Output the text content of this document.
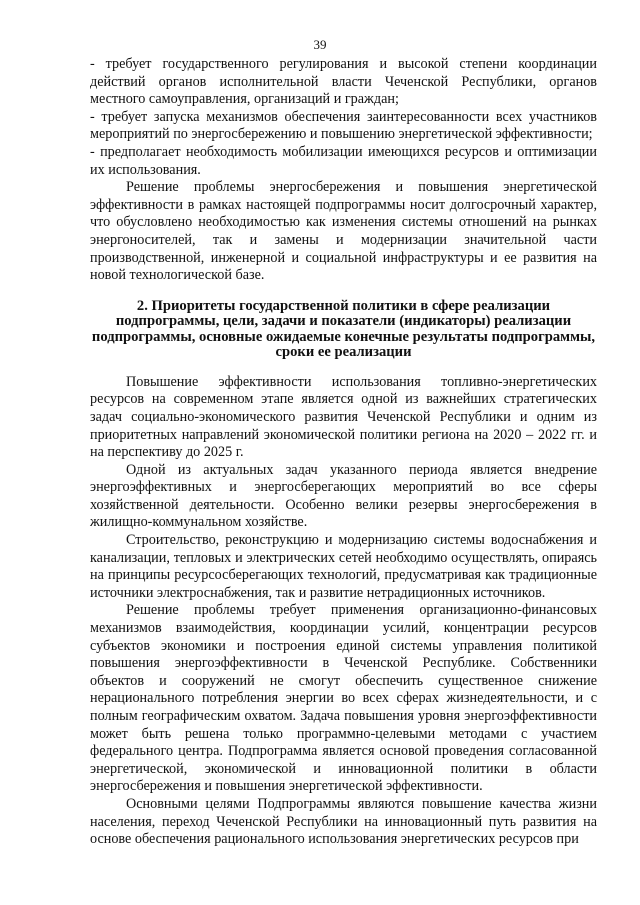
39

- требует государственного регулирования и высокой степени координации действий органов исполнительной власти Чеченской Республики, органов местного самоуправления, организаций и граждан;

- требует запуска механизмов обеспечения заинтересованности всех участников мероприятий по энергосбережению и повышению энергетической эффективности;

- предполагает необходимость мобилизации имеющихся ресурсов и оптимизации их использования.

Решение проблемы энергосбережения и повышения энергетической эффективности в рамках настоящей подпрограммы носит долгосрочный характер, что обусловлено необходимостью как изменения системы отношений на рынках энергоносителей, так и замены и модернизации значительной части производственной, инженерной и социальной инфраструктуры и ее развития на новой технологической базе.

2. Приоритеты государственной политики в сфере реализации подпрограммы, цели, задачи и показатели (индикаторы) реализации подпрограммы, основные ожидаемые конечные результаты подпрограммы, сроки ее реализации

Повышение эффективности использования топливно-энергетических ресурсов на современном этапе является одной из важнейших стратегических задач социально-экономического развития Чеченской Республики и одним из приоритетных направлений экономической политики региона на 2020 – 2022 гг. и на перспективу до 2025 г.

Одной из актуальных задач указанного периода является внедрение энергоэффективных и энергосберегающих мероприятий во все сферы хозяйственной деятельности. Особенно велики резервы энергосбережения в жилищно-коммунальном хозяйстве.

Строительство, реконструкцию и модернизацию системы водоснабжения и канализации, тепловых и электрических сетей необходимо осуществлять, опираясь на принципы ресурсосберегающих технологий, предусматривая как традиционные источники электроснабжения, так и развитие нетрадиционных источников.

Решение проблемы требует применения организационно-финансовых механизмов взаимодействия, координации усилий, концентрации ресурсов субъектов экономики и построения единой системы управления политикой повышения энергоэффективности в Чеченской Республике. Собственники объектов и сооружений не смогут обеспечить существенное снижение нерационального потребления энергии во всех сферах жизнедеятельности, и с полным географическим охватом. Задача повышения уровня энергоэффективности может быть решена только программно-целевыми методами с участием федерального центра. Подпрограмма является основой проведения согласованной энергетической, экономической и инновационной политики в области энергосбережения и повышения энергетической эффективности.

Основными целями Подпрограммы являются повышение качества жизни населения, переход Чеченской Республики на инновационный путь развития на основе обеспечения рационального использования энергетических ресурсов при
